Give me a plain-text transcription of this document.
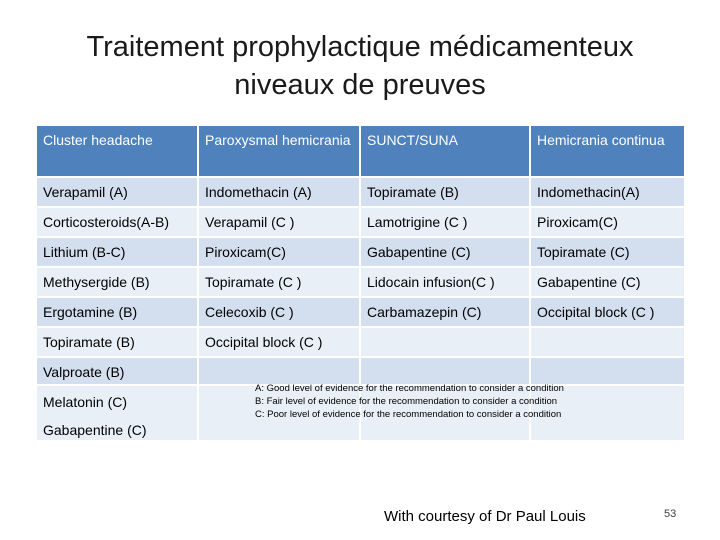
Traitement prophylactique médicamenteux
niveaux de preuves
Cluster headache	Paroxysmal hemicrania	SUNCT/SUNA	Hemicrania continua
Verapamil (A)	Indomethacin (A)	Topiramate (B)	Indomethacin(A)
Corticosteroids(A-B)	Verapamil (C )	Lamotrigine (C )	Piroxicam(C)
Lithium (B-C)	Piroxicam(C)	Gabapentine (C)	Topiramate (C)
Methysergide (B)	Topiramate (C )	Lidocain infusion(C )	Gabapentine (C)
Ergotamine (B)	Celecoxib (C )	Carbamazepin (C)	Occipital block (C )
Topiramate (B)	Occipital block (C )
Valproate (B)
Melatonin (C)
Gabapentine (C)
A: Good level of evidence for the recommendation to consider a condition
B: Fair level of evidence for the recommendation to consider a condition
C: Poor level of evidence for the recommendation to consider a condition
With courtesy of Dr Paul Louis	53
